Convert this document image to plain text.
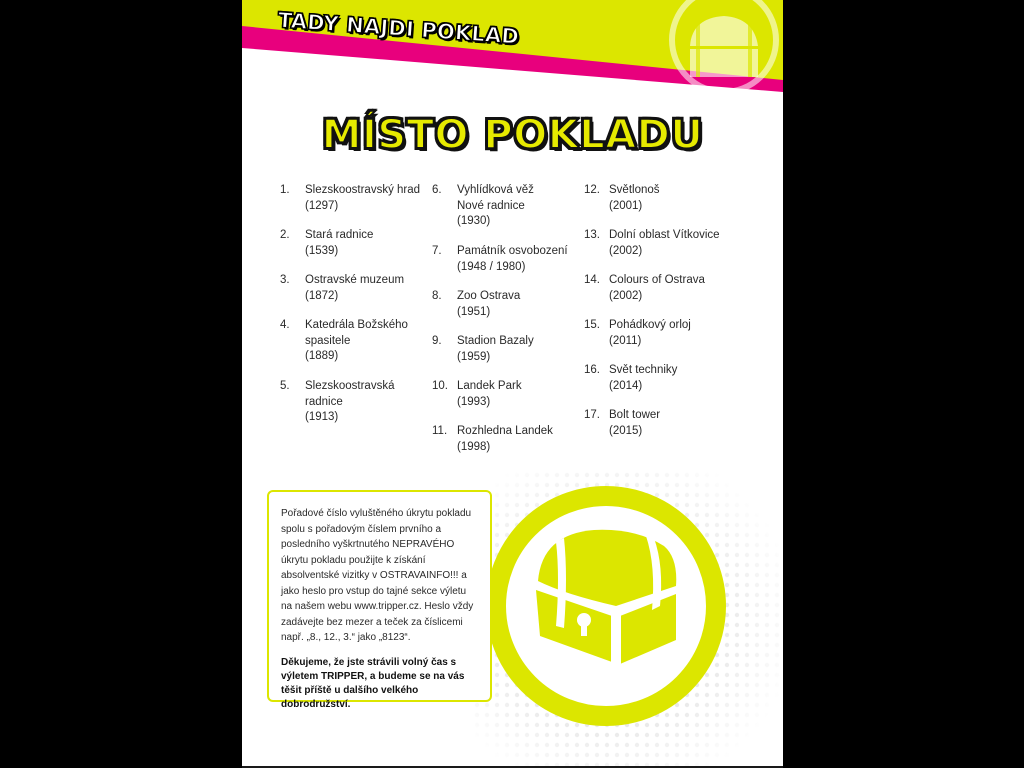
TADY NAJDI POKLAD
MÍSTO POKLADU
1.	Slezskoostravský hrad
(1297)
2.	Stará radnice
(1539)
3.	Ostravské muzeum
(1872)
4.	Katedrála Božského spasitele
(1889)
5.	Slezskoostravská radnice
(1913)
6.	Vyhlídková věž Nové radnice
(1930)
7.	Památník osvobození
(1948 / 1980)
8.	Zoo Ostrava
(1951)
9.	Stadion Bazaly
(1959)
10. Landek Park
(1993)
11. Rozhledna Landek
(1998)
12. Světlonoš
(2001)
13. Dolní oblast Vítkovice
(2002)
14. Colours of Ostrava
(2002)
15. Pohádkový orloj
(2011)
16. Svět techniky
(2014)
17. Bolt tower
(2015)

Pořadové číslo vyluštěného úkrytu pokladu spolu s pořadovým číslem prvního a posledního vyškrtnutého NEPRAVÉHO úkrytu pokladu použijte k získání absolventské vizitky v OSTRAVAINFO!!! a jako heslo pro vstup do tajné sekce výletu na našem webu www.tripper.cz. Heslo vždy zadávejte bez mezer a teček za číslicemi např. „8., 12., 3.“ jako „8123“.

Děkujeme, že jste strávili volný čas s výletem TRIPPER, a budeme se na vás těšit příště u dalšího velkého dobrodružství.
